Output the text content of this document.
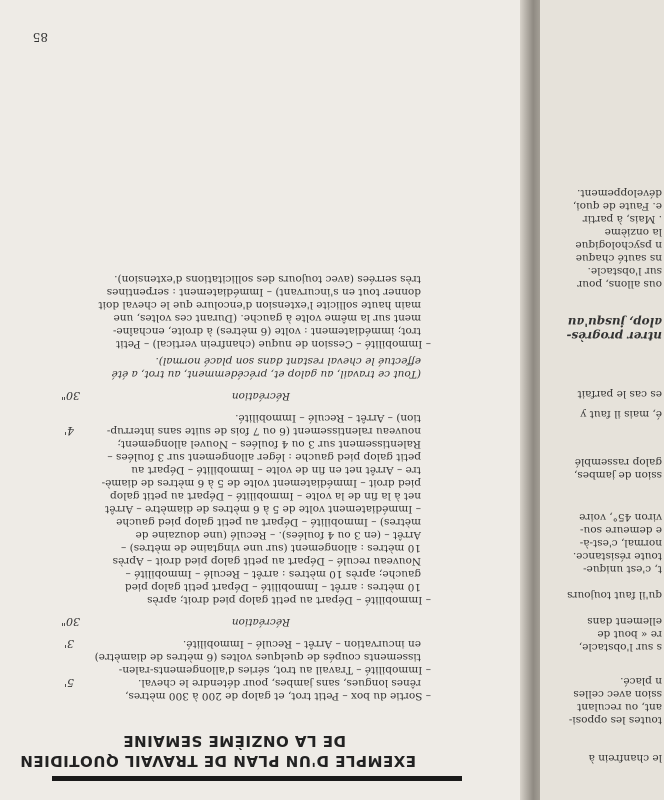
85
EXEMPLE D'UN PLAN DE TRAVAIL QUOTIDIEN
DE LA ONZIÈME SEMAINE
– Sortie du box – Petit trot, et galop de 200 à 300 mètres,
rênes longues, sans jambes, pour détendre le cheval.
– Immobilité – Travail au trot, séries d'allongements-ralen-
tissements coupés de quelques voltes (6 mètres de diamètre)
en incurvation – Arrêt – Reculé – Immobilité.
5'
3'
Récréation
30"
– Immobilité – Départ au petit galop pied droit; après
10 mètres : arrêt – Immobilité – Départ petit galop pied
gauche; après 10 mètres : arrêt – Reculé – Immobilité –
Nouveau reculé – Départ au petit galop pied droit – Après
10 mètres : allongement (sur une vingtaine de mètres) –
Arrêt – (en 3 ou 4 foulées). – Reculé (une douzaine de
mètres) – Immobilité – Départ au petit galop pied gauche
– Immédiatement volte de 5 à 6 mètres de diamètre – Arrêt
net à la fin de la volte – Immobilité – Départ au petit galop
pied droit – Immédiatement volte de 5 à 6 mètres de diamè-
tre – Arrêt net en fin de volte – Immobilité – Départ au
petit galop pied gauche : léger allongement sur 3 foulées –
Ralentissement sur 3 ou 4 foulées – Nouvel allongement;
nouveau ralentissement (6 ou 7 fois de suite sans interrup-
tion) – Arrêt – Reculé – Immobilité.
4'
Récréation
30"
(Tout ce travail, au galop et, précédemment, au trot, a été
effectué le cheval restant dans son placé normal).
– Immobilité – Cession de nuque (chanfrein vertical) – Petit
trot; immédiatement : volte (6 mètres) à droite, enchaîne-
ment sur la même volte à gauche. (Durant ces voltes, une
main haute sollicite l'extension d'encolure que le cheval doit
donner tout en s'incurvant) – Immédiatement : serpentines
très serrées (avec toujours des sollicitations d'extension).
le chanfrein à
toutes les opposi-
ant, ou reculant
ssion avec celles
n placé.
s sur l'obstacle,
re « bout de
ellement dans
qu'il faut toujours
t, c'est unique-
toute résistance.
normal, c'est-à-
e demeure sou-
viron 45°, voire
ssion de jambes,
galop rassemblé
é, mais il faut y
es cas le parfait
ntrer progrès-
alop, jusqu'au
ous allons, pour
sur l'obstacle.
ns sauté chaque
n psychologique
la onzième
. Mais, à partir
e. Faute de quoi,
développement.
